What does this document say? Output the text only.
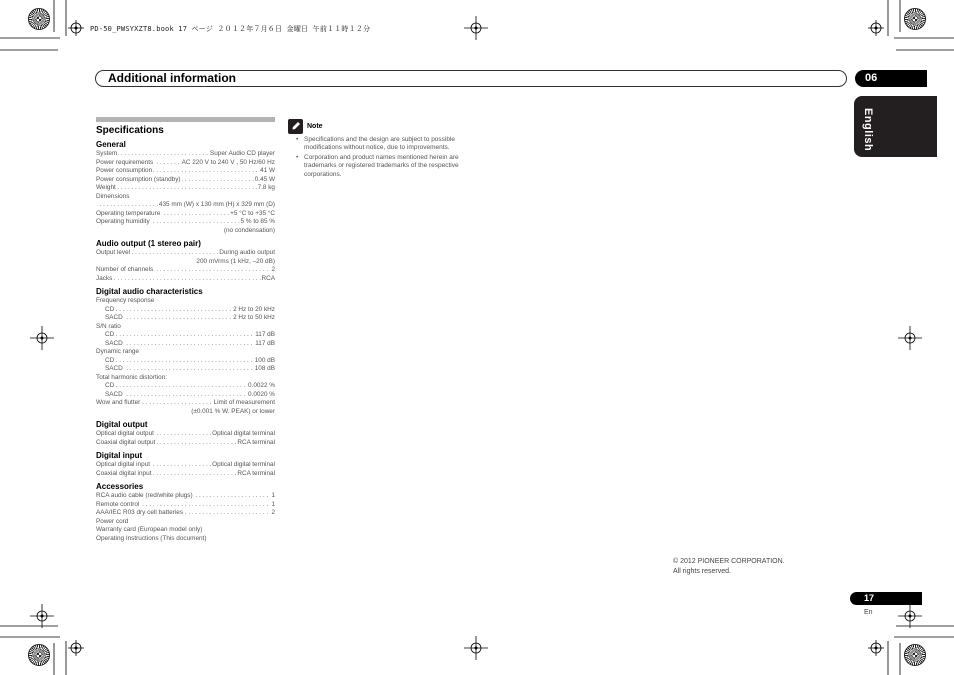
PD-50_PWSYXZT8.book 17 ページ ２０１２年７月６日 金曜日 午前１１時１２分
Additional information	06
English
Specifications
General
System	Super Audio CD player
. . .
Power requirements	AC 220 V to 240 V , 50 Hz/60 Hz
. . .
Power consumption	41 W
. . .
Power consumption (standby)	0.45 W
. . .
Weight	7.8 kg
. . .
Dimensions
435 mm (W) x 130 mm (H) x 329 mm (D)
. . .
Operating temperature	+5 °C to +35 °C
. . .
Operating humidity	5 % to 85 %
. . .
(no condensation)
Audio output (1 stereo pair)
Output level	During audio output
. . .
200 mVrms (1 kHz, –20 dB)
Number of channels	2
. . .
Jacks	RCA
. . .
Digital audio characteristics
Frequency response
CD	2 Hz to 20 kHz
. . .
SACD	2 Hz to 50 kHz
. . .
S/N ratio
CD	117 dB
. . .
SACD	117 dB
. . .
Dynamic range
CD	100 dB
. . .
SACD	108 dB
. . .
Total harmonic distortion:
CD	0.0022 %
. . .
SACD	0.0020 %
. . .
Wow and flutter	Limit of measurement
. . .
(±0.001 % W. PEAK) or lower
Digital output
Optical digital output	Optical digital terminal
. . .
Coaxial digital output	RCA terminal
. . .
Digital input
Optical digital input	Optical digital terminal
. . .
Coaxial digital input	RCA terminal
. . .
Accessories
RCA audio cable (red/white plugs)	1
. . .
Remote control	1
. . .
AAA/IEC R03 dry cell batteries	2
. . .
Power cord
Warranty card (European model only)
Operating Instructions (This document)
Note
• Specifications and the design are subject to possible modifications without notice, due to improvements.
• Corporation and product names mentioned herein are trademarks or registered trademarks of the respective corporations.
© 2012 PIONEER CORPORATION.
All rights reserved.
17
En
